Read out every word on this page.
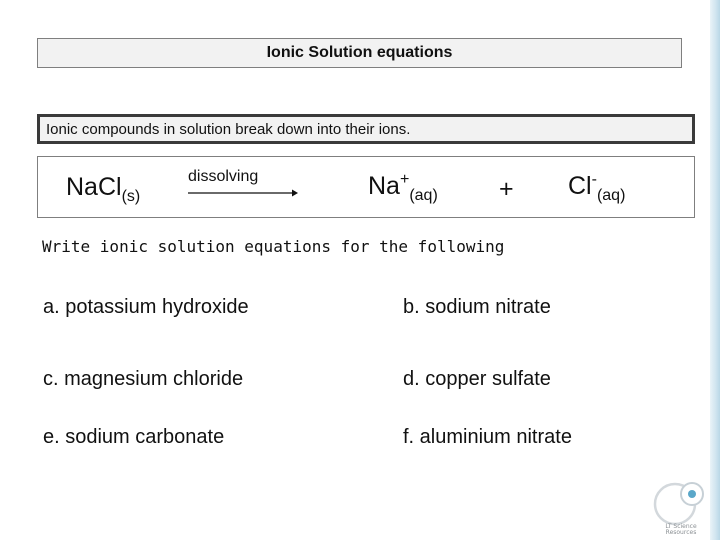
Ionic Solution equations
Ionic compounds in solution break down into their ions.
NaCl$_{(s)}$
dissolving	$Na^+_{(aq)} + Cl^-_{(aq)}$
Write ionic solution equations for the following
a. potassium hydroxide	b. sodium nitrate
c. magnesium chloride	d. copper sulfate
e. sodium carbonate	f. aluminium nitrate
LT Science
Resources
